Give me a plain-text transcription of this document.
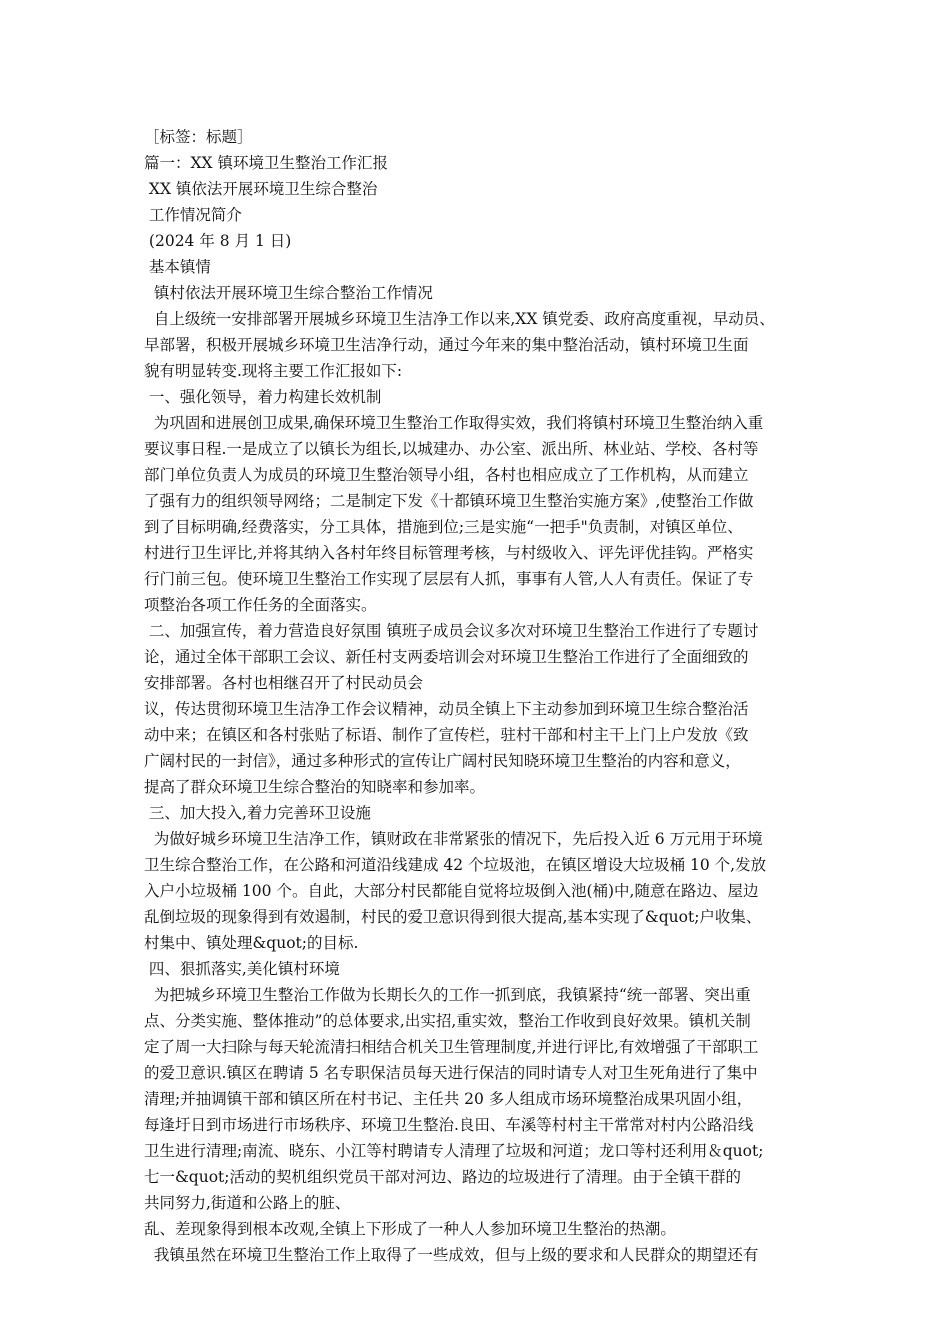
［标签：标题］
篇一：XX 镇环境卫生整治工作汇报
XX 镇依法开展环境卫生综合整治
工作情况简介
(2024 年 8 月 1 日)
基本镇情
镇村依法开展环境卫生综合整治工作情况
自上级统一安排部署开展城乡环境卫生洁净工作以来,XX 镇党委、政府高度重视，早动员、
早部署，积极开展城乡环境卫生洁净行动，通过今年来的集中整治活动，镇村环境卫生面
貌有明显转变.现将主要工作汇报如下:
一、强化领导，着力构建长效机制
为巩固和进展创卫成果,确保环境卫生整治工作取得实效，我们将镇村环境卫生整治纳入重
要议事日程.一是成立了以镇长为组长,以城建办、办公室、派出所、林业站、学校、各村等
部门单位负责人为成员的环境卫生整治领导小组，各村也相应成立了工作机构，从而建立
了强有力的组织领导网络；二是制定下发《十都镇环境卫生整治实施方案》,使整治工作做
到了目标明确,经费落实，分工具体，措施到位;三是实施“一把手"负责制，对镇区单位、
村进行卫生评比,并将其纳入各村年终目标管理考核，与村级收入、评先评优挂钩。严格实
行门前三包。使环境卫生整治工作实现了层层有人抓，事事有人管,人人有责任。保证了专
项整治各项工作任务的全面落实。
二、加强宣传，着力营造良好氛围 镇班子成员会议多次对环境卫生整治工作进行了专题讨
论，通过全体干部职工会议、新任村支两委培训会对环境卫生整治工作进行了全面细致的
安排部署。各村也相继召开了村民动员会
议，传达贯彻环境卫生洁净工作会议精神，动员全镇上下主动参加到环境卫生综合整治活
动中来；在镇区和各村张贴了标语、制作了宣传栏，驻村干部和村主干上门上户发放《致
广阔村民的一封信》，通过多种形式的宣传让广阔村民知晓环境卫生整治的内容和意义，
提高了群众环境卫生综合整治的知晓率和参加率。
三、加大投入,着力完善环卫设施
为做好城乡环境卫生洁净工作，镇财政在非常紧张的情况下，先后投入近 6 万元用于环境
卫生综合整治工作，在公路和河道沿线建成 42 个垃圾池，在镇区增设大垃圾桶 10 个,发放
入户小垃圾桶 100 个。自此，大部分村民都能自觉将垃圾倒入池(桶)中,随意在路边、屋边
乱倒垃圾的现象得到有效遏制，村民的爱卫意识得到很大提高,基本实现了&quot;户收集、
村集中、镇处理&quot;的目标.
四、狠抓落实,美化镇村环境
为把城乡环境卫生整治工作做为长期长久的工作一抓到底，我镇紧持“统一部署、突出重
点、分类实施、整体推动”的总体要求,出实招,重实效，整治工作收到良好效果。镇机关制
定了周一大扫除与每天轮流清扫相结合机关卫生管理制度,并进行评比,有效增强了干部职工
的爱卫意识.镇区在聘请 5 名专职保洁员每天进行保洁的同时请专人对卫生死角进行了集中
清理;并抽调镇干部和镇区所在村书记、主任共 20 多人组成市场环境整治成果巩固小组，
每逢圩日到市场进行市场秩序、环境卫生整治.良田、车溪等村村主干常常对村内公路沿线
卫生进行清理;南流、晓东、小江等村聘请专人清理了垃圾和河道；龙口等村还利用＆quot;
七一&quot;活动的契机组织党员干部对河边、路边的垃圾进行了清理。由于全镇干群的
共同努力,街道和公路上的脏、
乱、差现象得到根本改观,全镇上下形成了一种人人参加环境卫生整治的热潮。
我镇虽然在环境卫生整治工作上取得了一些成效，但与上级的要求和人民群众的期望还有
